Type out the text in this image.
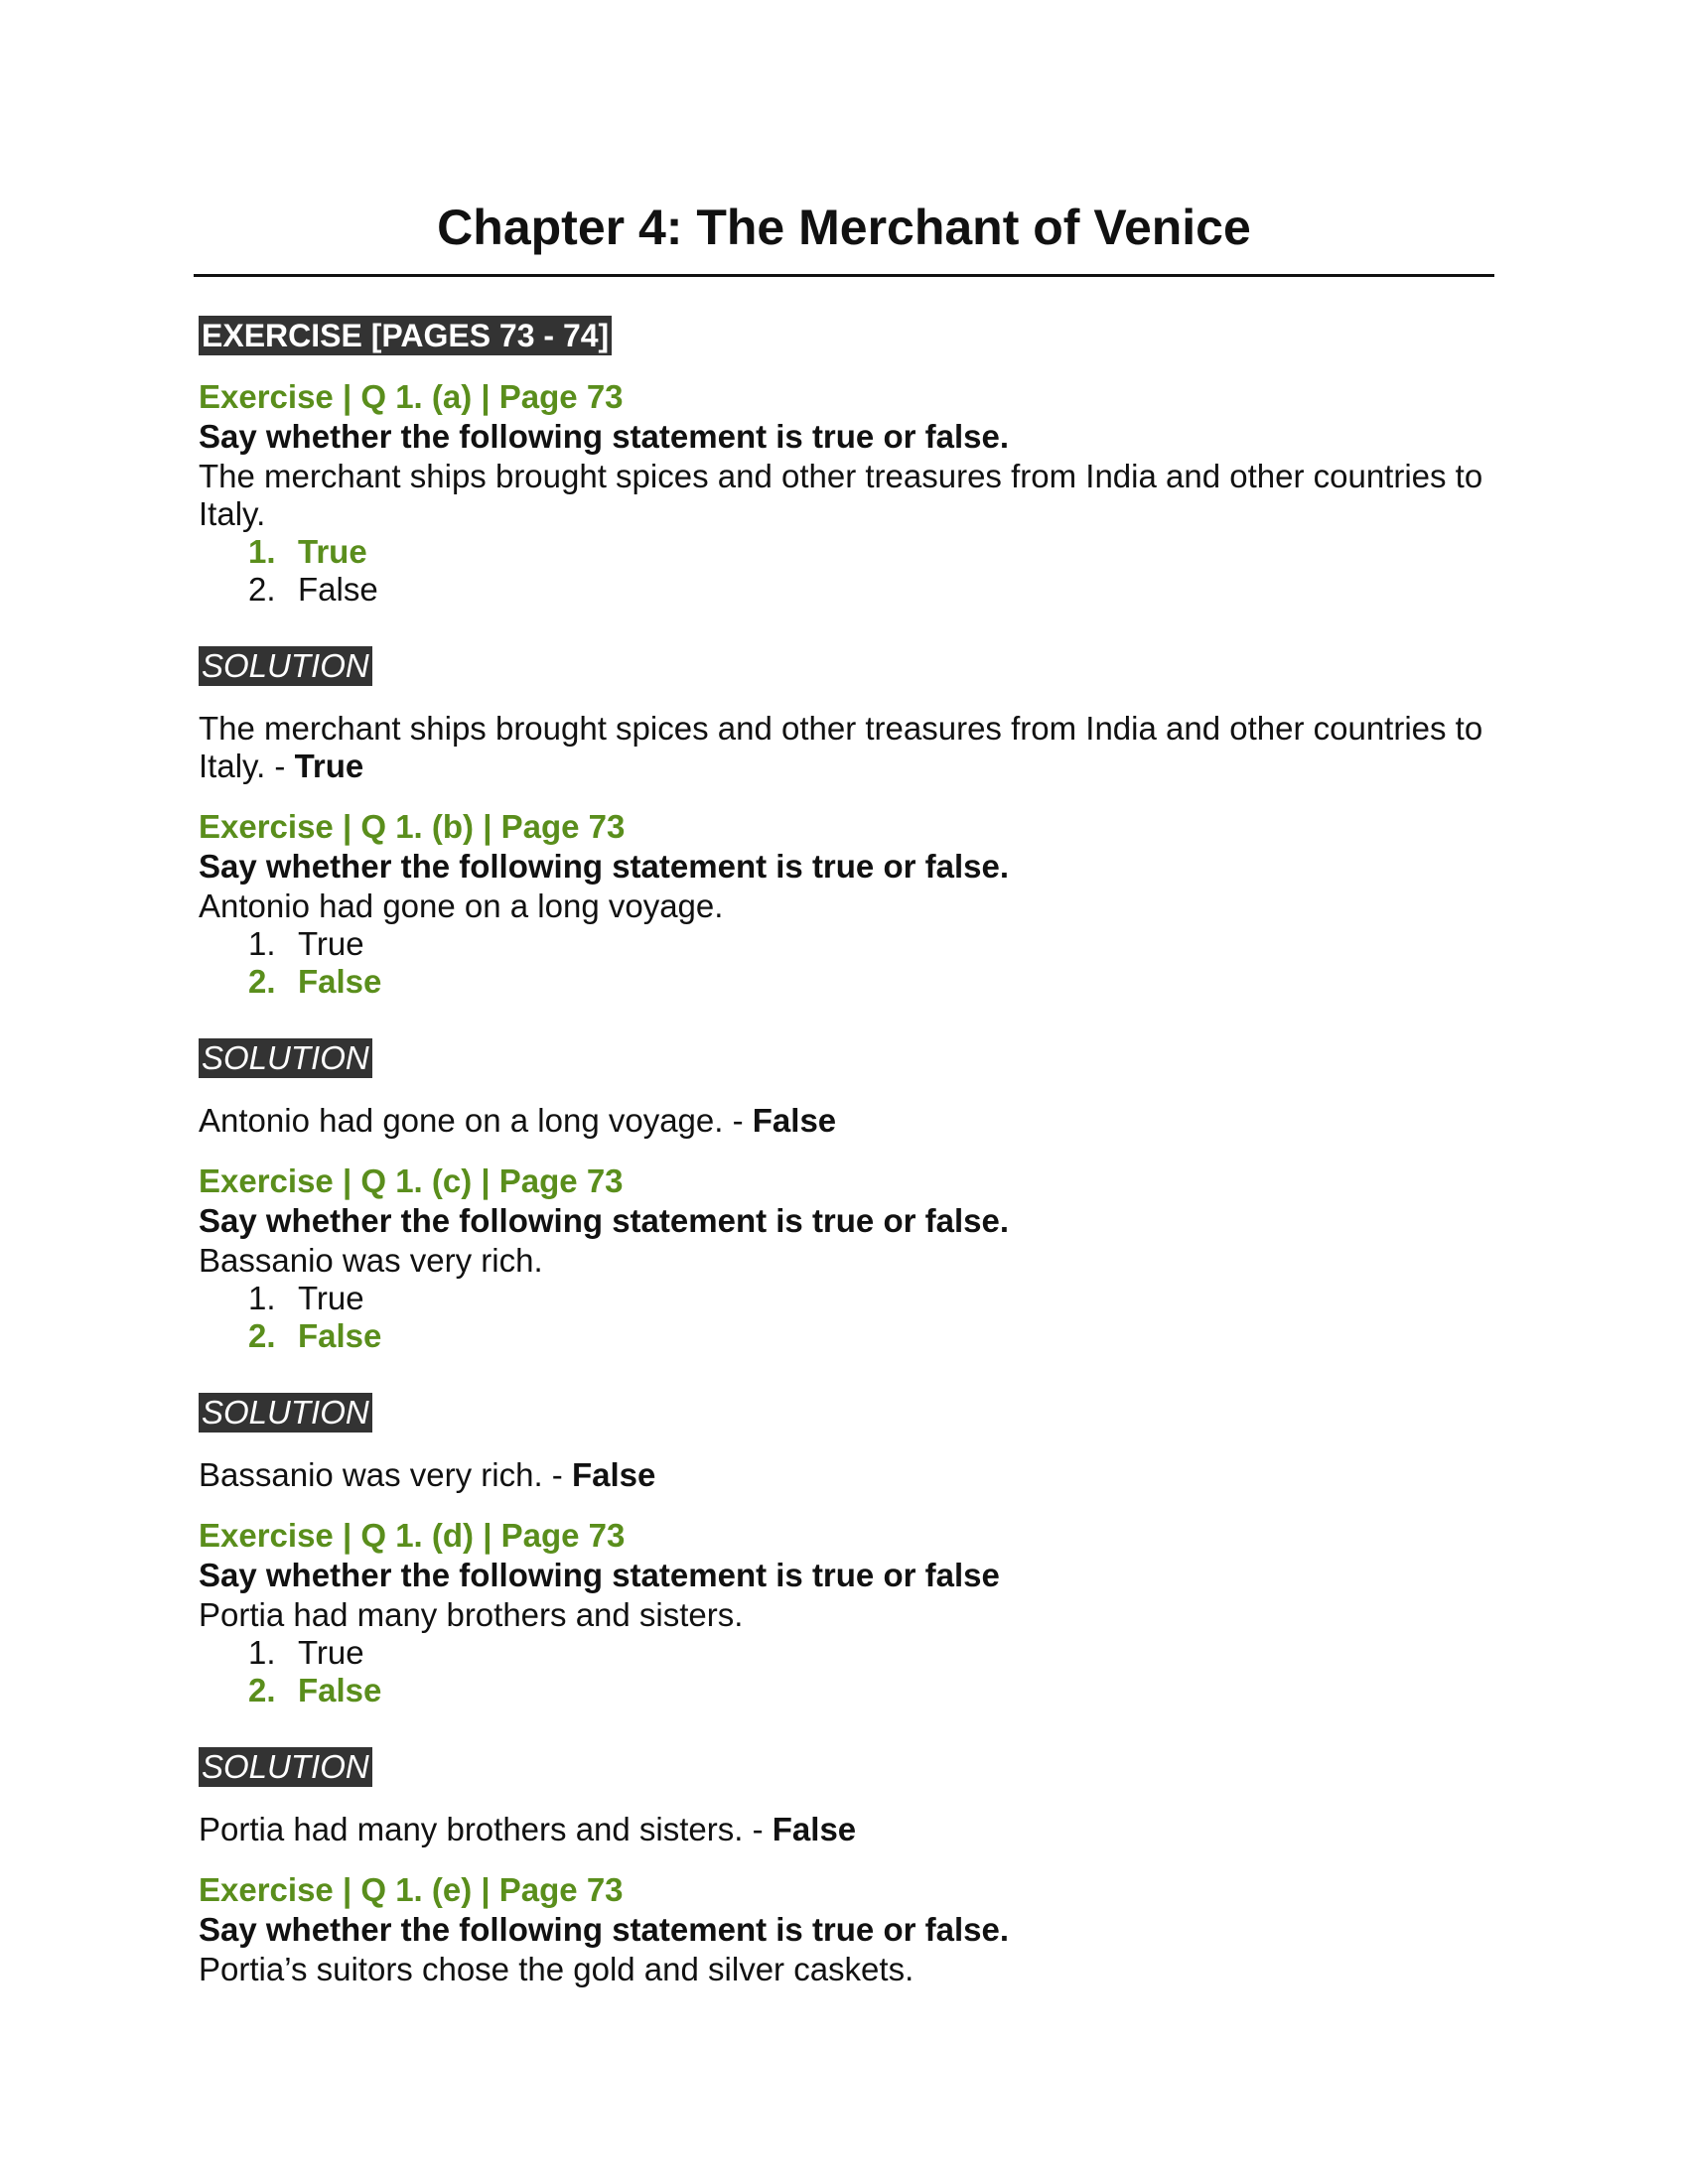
Chapter 4: The Merchant of Venice
EXERCISE [PAGES 73 - 74]
Exercise | Q 1. (a) | Page 73
Say whether the following statement is true or false.
The merchant ships brought spices and other treasures from India and other countries to Italy.
1. True
2. False
SOLUTION
The merchant ships brought spices and other treasures from India and other countries to Italy. - True
Exercise | Q 1. (b) | Page 73
Say whether the following statement is true or false.
Antonio had gone on a long voyage.
1. True
2. False
SOLUTION
Antonio had gone on a long voyage. - False
Exercise | Q 1. (c) | Page 73
Say whether the following statement is true or false.
Bassanio was very rich.
1. True
2. False
SOLUTION
Bassanio was very rich. - False
Exercise | Q 1. (d) | Page 73
Say whether the following statement is true or false
Portia had many brothers and sisters.
1. True
2. False
SOLUTION
Portia had many brothers and sisters. - False
Exercise | Q 1. (e) | Page 73
Say whether the following statement is true or false.
Portia’s suitors chose the gold and silver caskets.
